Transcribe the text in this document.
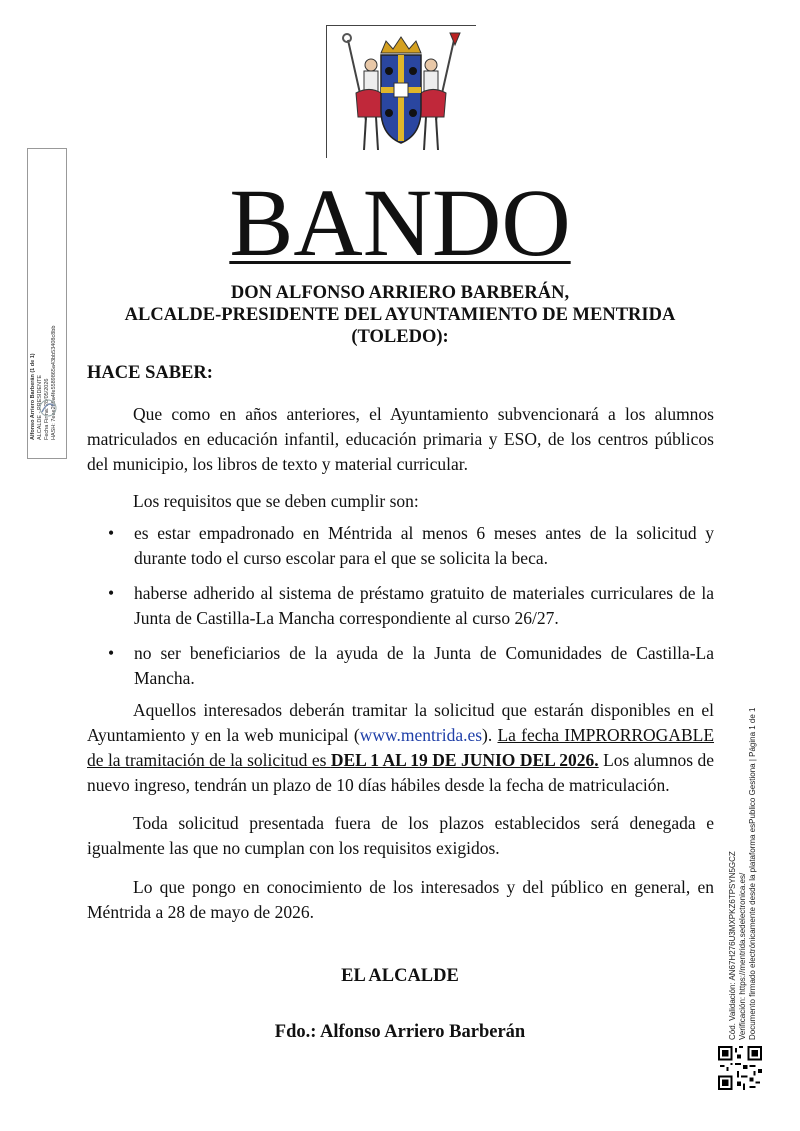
BANDO
DON ALFONSO ARRIERO BARBERÁN,
ALCALDE-PRESIDENTE DEL AYUNTAMIENTO DE MENTRIDA
(TOLEDO):
HACE SABER:

Que como en años anteriores, el Ayuntamiento subvencionará a los alumnos matriculados en educación infantil, educación primaria y ESO, de los centros públicos del municipio, los libros de texto y material curricular.

Los requisitos que se deben cumplir son:

• es estar empadronado en Méntrida al menos 6 meses antes de la solicitud y durante todo el curso escolar para el que se solicita la beca.
• haberse adherido al sistema de préstamo gratuito de materiales curriculares de la Junta de Castilla-La Mancha correspondiente al curso 26/27.
• no ser beneficiarios de la ayuda de la Junta de Comunidades de Castilla-La Mancha.

Aquellos interesados deberán tramitar la solicitud que estarán disponibles en el Ayuntamiento y en la web municipal (www.mentrida.es). La fecha IMPRORROGABLE de la tramitación de la solicitud es DEL 1 AL 19 DE JUNIO DEL 2026. Los alumnos de nuevo ingreso, tendrán un plazo de 10 días hábiles desde la fecha de matriculación.

Toda solicitud presentada fuera de los plazos establecidos será denegada e igualmente las que no cumplan con los requisitos exigidos.

Lo que pongo en conocimiento de los interesados y del público en general, en Méntrida a 28 de mayo de 2026.

EL ALCALDE
Fdo.: Alfonso Arriero Barberán
Alfonso Arriero Barberán (1 de 1) ALCALDE - PRESIDENTE Fecha Firma: 28/05/2026 HASH: 7eee299a4fe5589865a43bb53408c8bb
Cód. Validación: AN67H276U3MXPKZ6TPSYN5GCZ Verificación: https://mentrida.sedelectronica.es/ Documento firmado electrónicamente desde la plataforma esPublico Gestiona | Página 1 de 1
